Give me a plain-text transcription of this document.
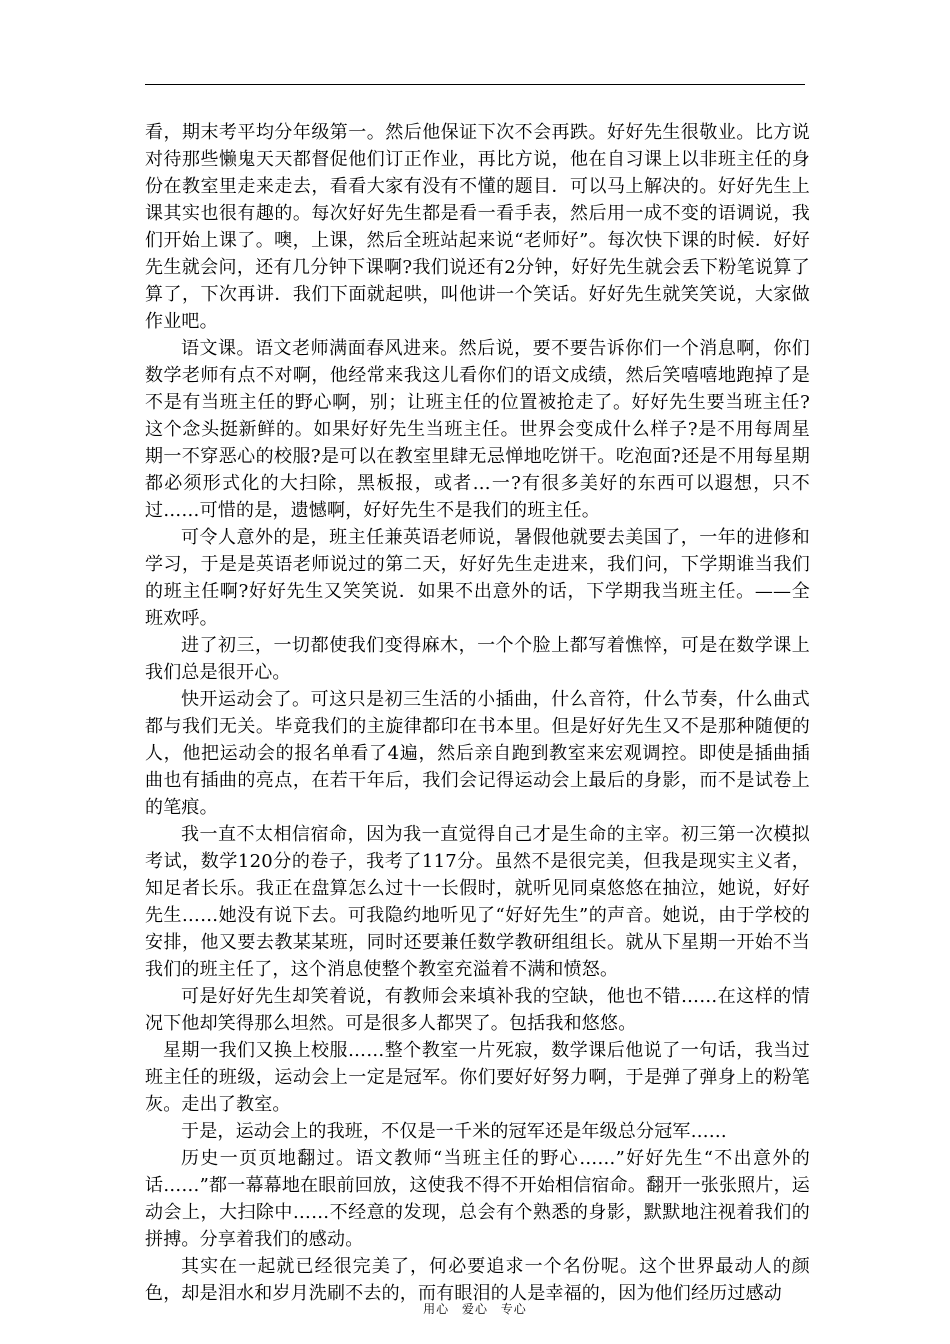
看，期末考平均分年级第一。然后他保证下次不会再跌。好好先生很敬业。比方说对待那些懒鬼天天都督促他们订正作业，再比方说，他在自习课上以非班主任的身份在教室里走来走去，看看大家有没有不懂的题目．可以马上解决的。好好先生上课其实也很有趣的。每次好好先生都是看一看手表，然后用一成不变的语调说，我们开始上课了。噢，上课，然后全班站起来说“老师好”。每次快下课的时候．好好先生就会问，还有几分钟下课啊?我们说还有2分钟，好好先生就会丢下粉笔说算了算了，下次再讲．我们下面就起哄，叫他讲一个笑话。好好先生就笑笑说，大家做作业吧。

语文课。语文老师满面春风进来。然后说，要不要告诉你们一个消息啊，你们数学老师有点不对啊，他经常来我这儿看你们的语文成绩，然后笑嘻嘻地跑掉了是不是有当班主任的野心啊，别；让班主任的位置被抢走了。好好先生要当班主任?这个念头挺新鲜的。如果好好先生当班主任。世界会变成什么样子?是不用每周星期一不穿恶心的校服?是可以在教室里肆无忌惮地吃饼干。吃泡面?还是不用每星期都必须形式化的大扫除，黑板报，或者…一?有很多美好的东西可以遐想，只不过……可惜的是，遗憾啊，好好先生不是我们的班主任。

可令人意外的是，班主任兼英语老师说，暑假他就要去美国了，一年的进修和学习，于是是英语老师说过的第二天，好好先生走进来，我们问，下学期谁当我们的班主任啊?好好先生又笑笑说．如果不出意外的话，下学期我当班主任。——全班欢呼。

进了初三，一切都使我们变得麻木，一个个脸上都写着憔悴，可是在数学课上我们总是很开心。

快开运动会了。可这只是初三生活的小插曲，什么音符，什么节奏，什么曲式都与我们无关。毕竟我们的主旋律都印在书本里。但是好好先生又不是那种随便的人，他把运动会的报名单看了4遍，然后亲自跑到教室来宏观调控。即使是插曲插曲也有插曲的亮点，在若干年后，我们会记得运动会上最后的身影，而不是试卷上的笔痕。

我一直不太相信宿命，因为我一直觉得自己才是生命的主宰。初三第一次模拟考试，数学120分的卷子，我考了117分。虽然不是很完美，但我是现实主义者，知足者长乐。我正在盘算怎么过十一长假时，就听见同桌悠悠在抽泣，她说，好好先生……她没有说下去。可我隐约地听见了“好好先生”的声音。她说，由于学校的安排，他又要去教某某班，同时还要兼任数学教研组组长。就从下星期一开始不当我们的班主任了，这个消息使整个教室充溢着不满和愤怒。

可是好好先生却笑着说，有教师会来填补我的空缺，他也不错……在这样的情况下他却笑得那么坦然。可是很多人都哭了。包括我和悠悠。

星期一我们又换上校服……整个教室一片死寂，数学课后他说了一句话，我当过班主任的班级，运动会上一定是冠军。你们要好好努力啊，于是弹了弹身上的粉笔灰。走出了教室。

于是，运动会上的我班，不仅是一千米的冠军还是年级总分冠军……

历史一页页地翻过。语文教师“当班主任的野心……”好好先生“不出意外的话……”都一幕幕地在眼前回放，这使我不得不开始相信宿命。翻开一张张照片，运动会上，大扫除中……不经意的发现，总会有个熟悉的身影，默默地注视着我们的拼搏。分享着我们的感动。

其实在一起就已经很完美了，何必要追求一个名份呢。这个世界最动人的颜色，却是泪水和岁月洗刷不去的，而有眼泪的人是幸福的，因为他们经历过感动

用心 爱心 专心
